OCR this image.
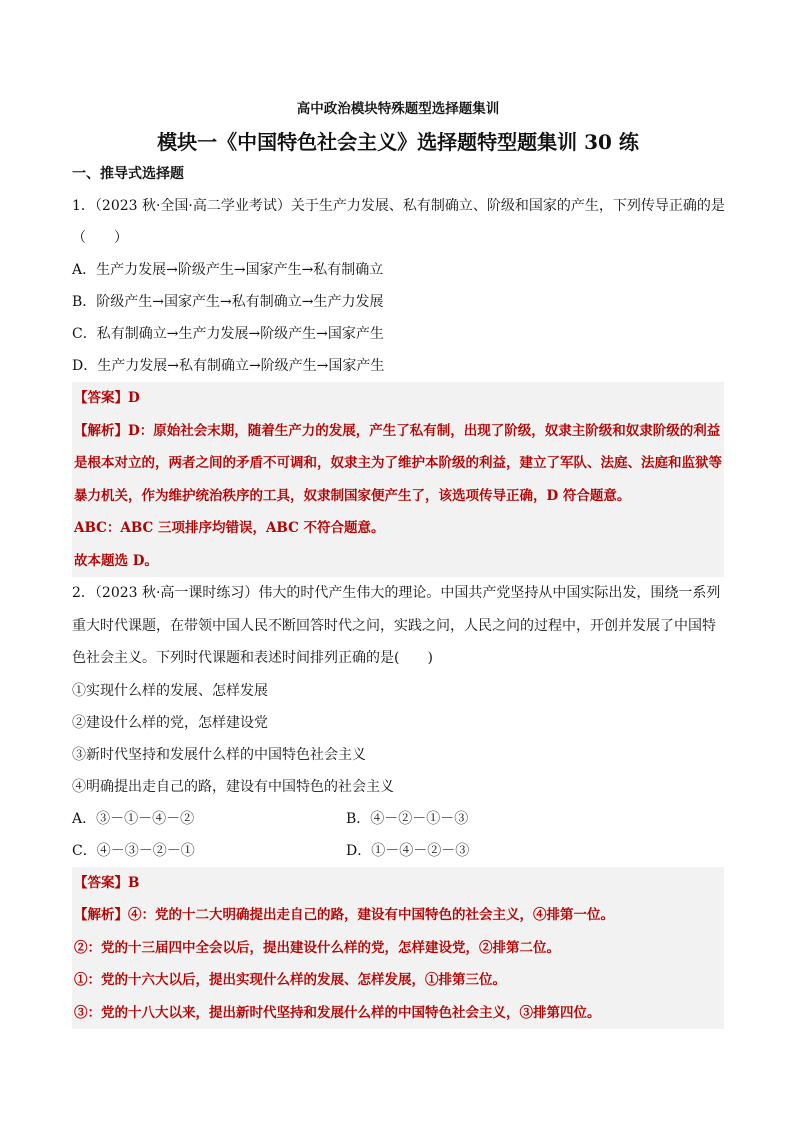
高中政治模块特殊题型选择题集训
模块一《中国特色社会主义》选择题特型题集训 30 练
一、推导式选择题
1．（2023 秋·全国·高二学业考试）关于生产力发展、私有制确立、阶级和国家的产生，下列传导正确的是
（　　）
A．生产力发展→阶级产生→国家产生→私有制确立
B．阶级产生→国家产生→私有制确立→生产力发展
C．私有制确立→生产力发展→阶级产生→国家产生
D．生产力发展→私有制确立→阶级产生→国家产生
【答案】D
【解析】D：原始社会末期，随着生产力的发展，产生了私有制，出现了阶级，奴隶主阶级和奴隶阶级的利益是根本对立的，两者之间的矛盾不可调和，奴隶主为了维护本阶级的利益，建立了军队、法庭、法庭和监狱等暴力机关，作为维护统治秩序的工具，奴隶制国家便产生了，该选项传导正确，D 符合题意。
ABC：ABC 三项排序均错误，ABC 不符合题意。
故本题选 D。
2．（2023 秋·高一课时练习）伟大的时代产生伟大的理论。中国共产党坚持从中国实际出发，围绕一系列重大时代课题，在带领中国人民不断回答时代之问，实践之问，人民之问的过程中，开创并发展了中国特色社会主义。下列时代课题和表述时间排列正确的是(　　)
①实现什么样的发展、怎样发展
②建设什么样的党，怎样建设党
③新时代坚持和发展什么样的中国特色社会主义
④明确提出走自己的路，建设有中国特色的社会主义
A．③－①－④－②	B．④－②－①－③
C．④－③－②－①	D．①－④－②－③
【答案】B
【解析】④：党的十二大明确提出走自己的路，建设有中国特色的社会主义，④排第一位。
②：党的十三届四中全会以后，提出建设什么样的党，怎样建设党，②排第二位。
①：党的十六大以后，提出实现什么样的发展、怎样发展，①排第三位。
③：党的十八大以来，提出新时代坚持和发展什么样的中国特色社会主义，③排第四位。
